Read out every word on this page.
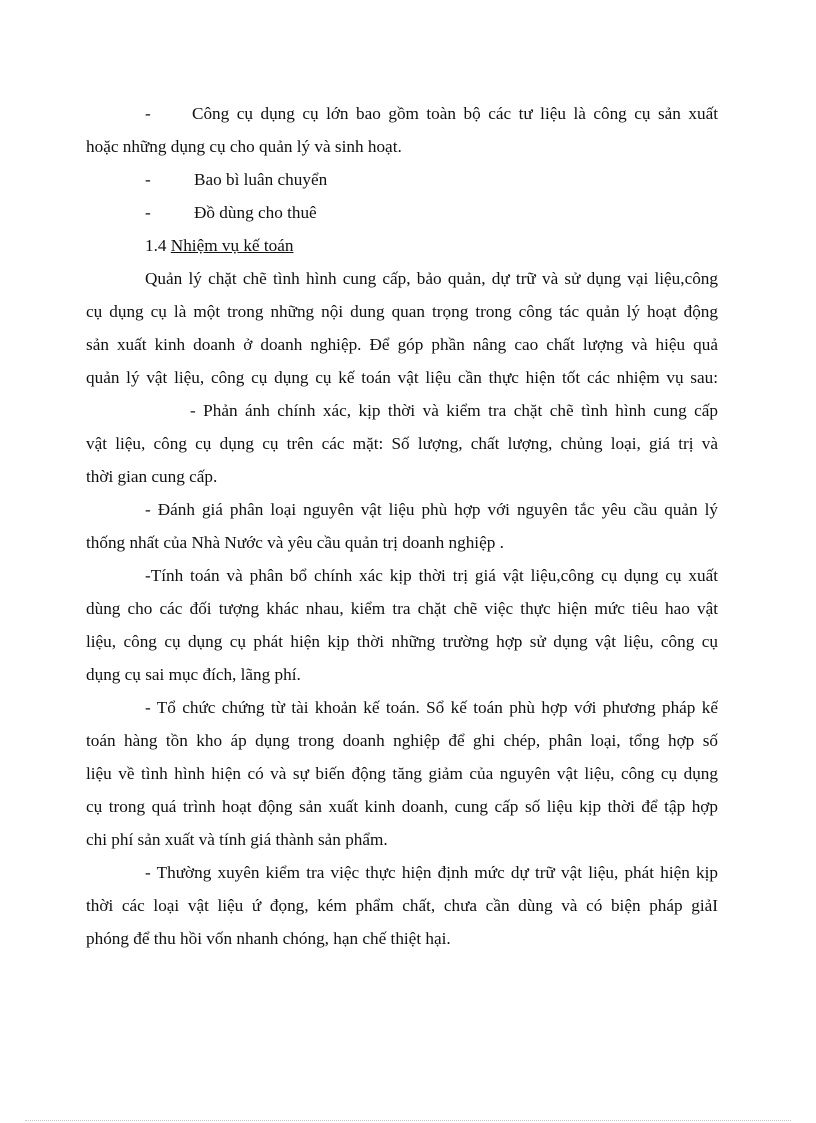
- Công cụ dụng cụ lớn bao gồm toàn bộ các tư liệu là công cụ sản xuất
hoặc những dụng cụ cho quản lý và sinh hoạt.
-	Bao bì luân chuyển
-	Đồ dùng cho thuê
1.4 Nhiệm vụ kế toán
Quản lý chặt chẽ tình hình cung cấp, bảo quản, dự trữ và sử dụng vại liệu,công
cụ dụng cụ là một trong những nội dung quan trọng trong công tác quản lý hoạt động
sản xuất kinh doanh ở doanh nghiệp. Để góp phần nâng cao chất lượng và hiệu quả
quản lý vật liệu, công cụ dụng cụ kế toán vật liệu cần thực hiện tốt các nhiệm vụ sau:
- Phản ánh chính xác, kịp thời và kiểm tra chặt chẽ tình hình cung cấp
vật liệu, công cụ dụng cụ trên các mặt: Số lượng, chất lượng, chủng loại, giá trị và
thời gian cung cấp.
- Đánh giá phân loại nguyên vật liệu phù hợp với nguyên tắc yêu cầu quản lý
thống nhất của Nhà Nước và yêu cầu quản trị doanh nghiệp .
-Tính toán và phân bổ chính xác kịp thời trị giá vật liệu,công cụ dụng cụ xuất
dùng cho các đối tượng khác nhau, kiểm tra chặt chẽ việc thực hiện mức tiêu hao vật
liệu, công cụ dụng cụ phát hiện kịp thời những trường hợp sử dụng vật liệu, công cụ
dụng cụ sai mục đích, lãng phí.
- Tổ chức chứng từ tài khoản kế toán. Sổ kế toán phù hợp với phương pháp kế
toán hàng tồn kho áp dụng trong doanh nghiệp để ghi chép, phân loại, tổng hợp số
liệu về tình hình hiện có và sự biến động tăng giảm của nguyên vật liệu, công cụ dụng
cụ trong quá trình hoạt động sản xuất kinh doanh, cung cấp số liệu kịp thời để tập hợp
chi phí sản xuất và tính giá thành sản phẩm.
- Thường xuyên kiểm tra việc thực hiện định mức dự trữ vật liệu, phát hiện kịp
thời các loại vật liệu ứ đọng, kém phẩm chất, chưa cần dùng và có biện pháp giảI
phóng để thu hồi vốn nhanh chóng, hạn chế thiệt hại.
